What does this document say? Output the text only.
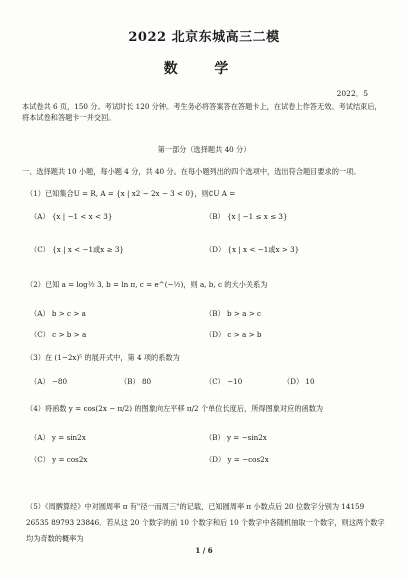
2022 北京东城高三二模
数 学
2022．5
本试卷共 6 页，150 分。考试时长 120 分钟。考生务必将答案答在答题卡上，在试卷上作答无效。考试结束后，将本试卷和答题卡一并交回。
第一部分（选择题共 40 分）
一、选择题共 10 小题，每小题 4 分，共 40 分。在每小题列出的四个选项中，选出符合题目要求的一项。
（1）已知集合U = R, A = {x | x2 − 2x − 3 < 0}，则∁U A =
（A） {x | −1 < x < 3}	（B） {x | −1 ≤ x ≤ 3}
（C） {x | x < −1或x ≥ 3}	（D） {x | x < −1或x > 3}
（2）已知 a = log½ 3, b = ln π, c = e^(−½)，则 a, b, c 的大小关系为
（A） b > c > a	（B） b > a > c
（C） c > b > a	（D） c > a > b
（3）在 (1−2x)⁵ 的展开式中，第 4 项的系数为
（A） −80	（B） 80	（C） −10	（D） 10
（4）将函数 y = cos(2x − π/2) 的图象向左平移 π/2 个单位长度后，所得图象对应的函数为
（A） y = sin2x	（B） y = −sin2x
（C） y = cos2x	（D） y = −cos2x
（5）《周髀算经》中对圆周率 π 有"径一而周三"的记载，已知圆周率 π 小数点后 20 位数字分别为 14159 26535 89793 23846．若从这 20 个数字的前 10 个数字和后 10 个数字中各随机抽取一个数字，则这两个数字均为奇数的概率为
1 / 6
